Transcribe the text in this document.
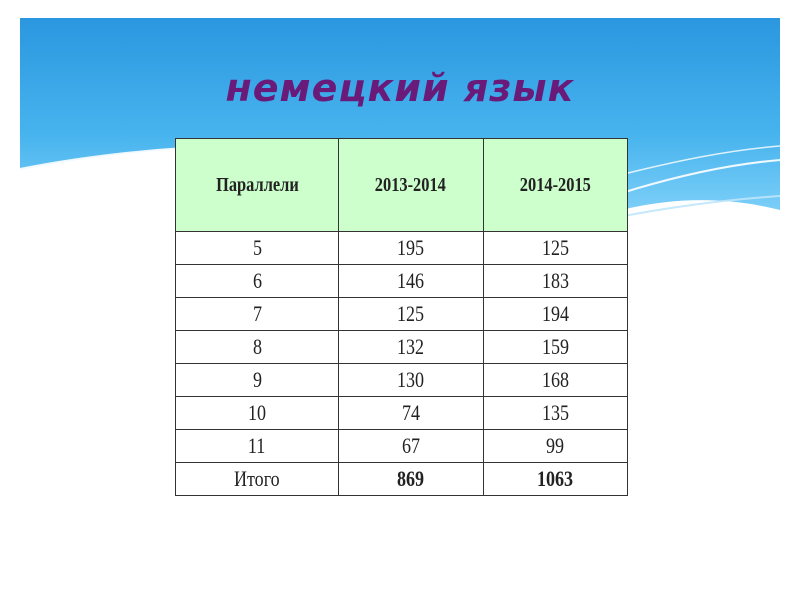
немецкий язык
Параллели	2013-2014	2014-2015
5	195	125
6	146	183
7	125	194
8	132	159
9	130	168
10	74	135
11	67	99
Итого	869	1063
